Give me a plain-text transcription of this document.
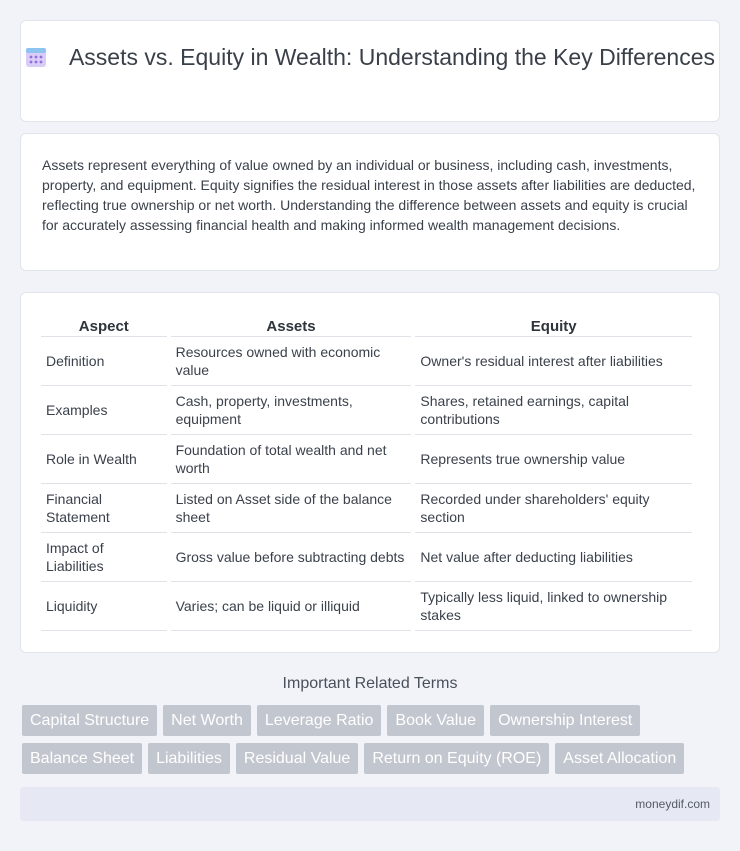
Assets vs. Equity in Wealth: Understanding the Key Differences

Assets represent everything of value owned by an individual or business, including cash, investments, property, and equipment. Equity signifies the residual interest in those assets after liabilities are deducted, reflecting true ownership or net worth. Understanding the difference between assets and equity is crucial for accurately assessing financial health and making informed wealth management decisions.

Aspect	Assets	Equity
Definition	Resources owned with economic value	Owner's residual interest after liabilities
Examples	Cash, property, investments, equipment	Shares, retained earnings, capital contributions
Role in Wealth	Foundation of total wealth and net worth	Represents true ownership value
Financial Statement	Listed on Asset side of the balance sheet	Recorded under shareholders' equity section
Impact of Liabilities	Gross value before subtracting debts	Net value after deducting liabilities
Liquidity	Varies; can be liquid or illiquid	Typically less liquid, linked to ownership stakes
Important Related Terms
Capital Structure	Net Worth	Leverage Ratio	Book Value	Ownership Interest
Balance Sheet	Liabilities	Residual Value	Return on Equity (ROE)	Asset Allocation
moneydif.com
